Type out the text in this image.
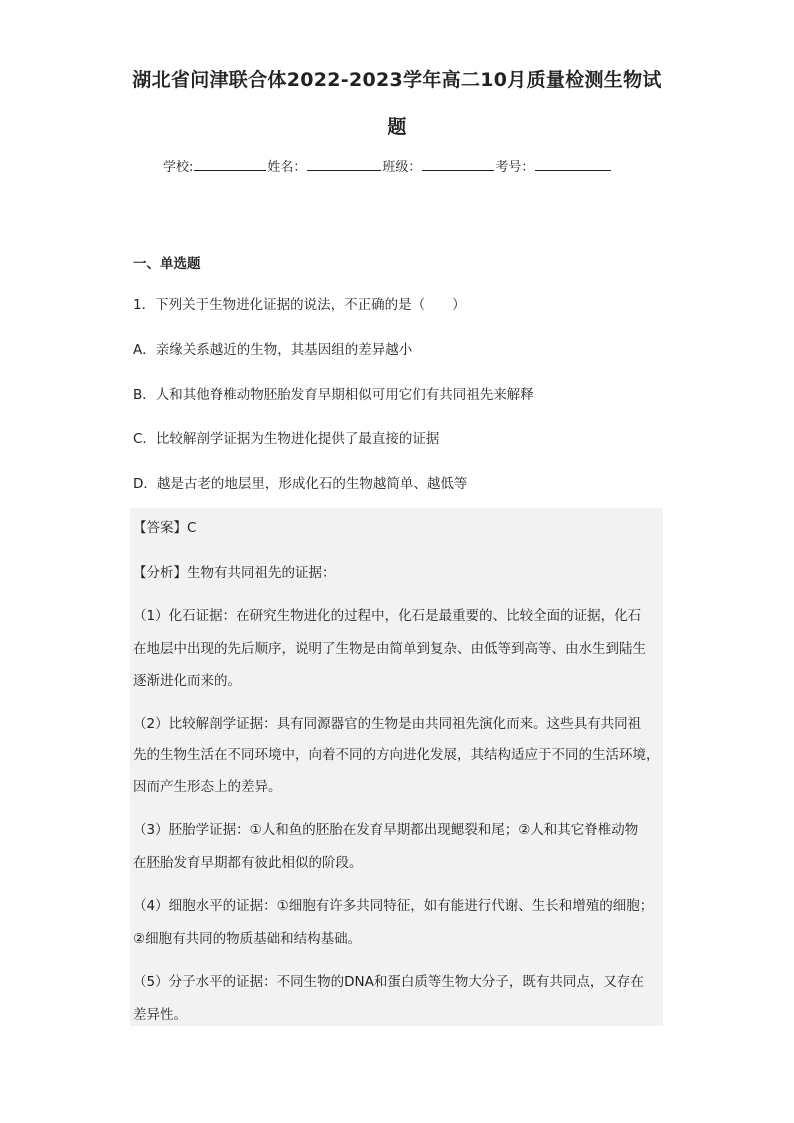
湖北省问津联合体2022-2023学年高二10月质量检测生物试
题
学校:	姓名：	班级：	考号：
一、单选题
1．下列关于生物进化证据的说法，不正确的是（　　）
A．亲缘关系越近的生物，其基因组的差异越小
B．人和其他脊椎动物胚胎发育早期相似可用它们有共同祖先来解释
C．比较解剖学证据为生物进化提供了最直接的证据
D．越是古老的地层里，形成化石的生物越简单、越低等
【答案】C
【分析】生物有共同祖先的证据：
（1）化石证据：在研究生物进化的过程中，化石是最重要的、比较全面的证据，化石
在地层中出现的先后顺序，说明了生物是由简单到复杂、由低等到高等、由水生到陆生
逐渐进化而来的。
（2）比较解剖学证据：具有同源器官的生物是由共同祖先演化而来。这些具有共同祖
先的生物生活在不同环境中，向着不同的方向进化发展，其结构适应于不同的生活环境，
因而产生形态上的差异。
（3）胚胎学证据：①人和鱼的胚胎在发育早期都出现鳃裂和尾；②人和其它脊椎动物
在胚胎发育早期都有彼此相似的阶段。
（4）细胞水平的证据：①细胞有许多共同特征，如有能进行代谢、生长和增殖的细胞；
②细胞有共同的物质基础和结构基础。
（5）分子水平的证据：不同生物的DNA和蛋白质等生物大分子，既有共同点，又存在
差异性。
